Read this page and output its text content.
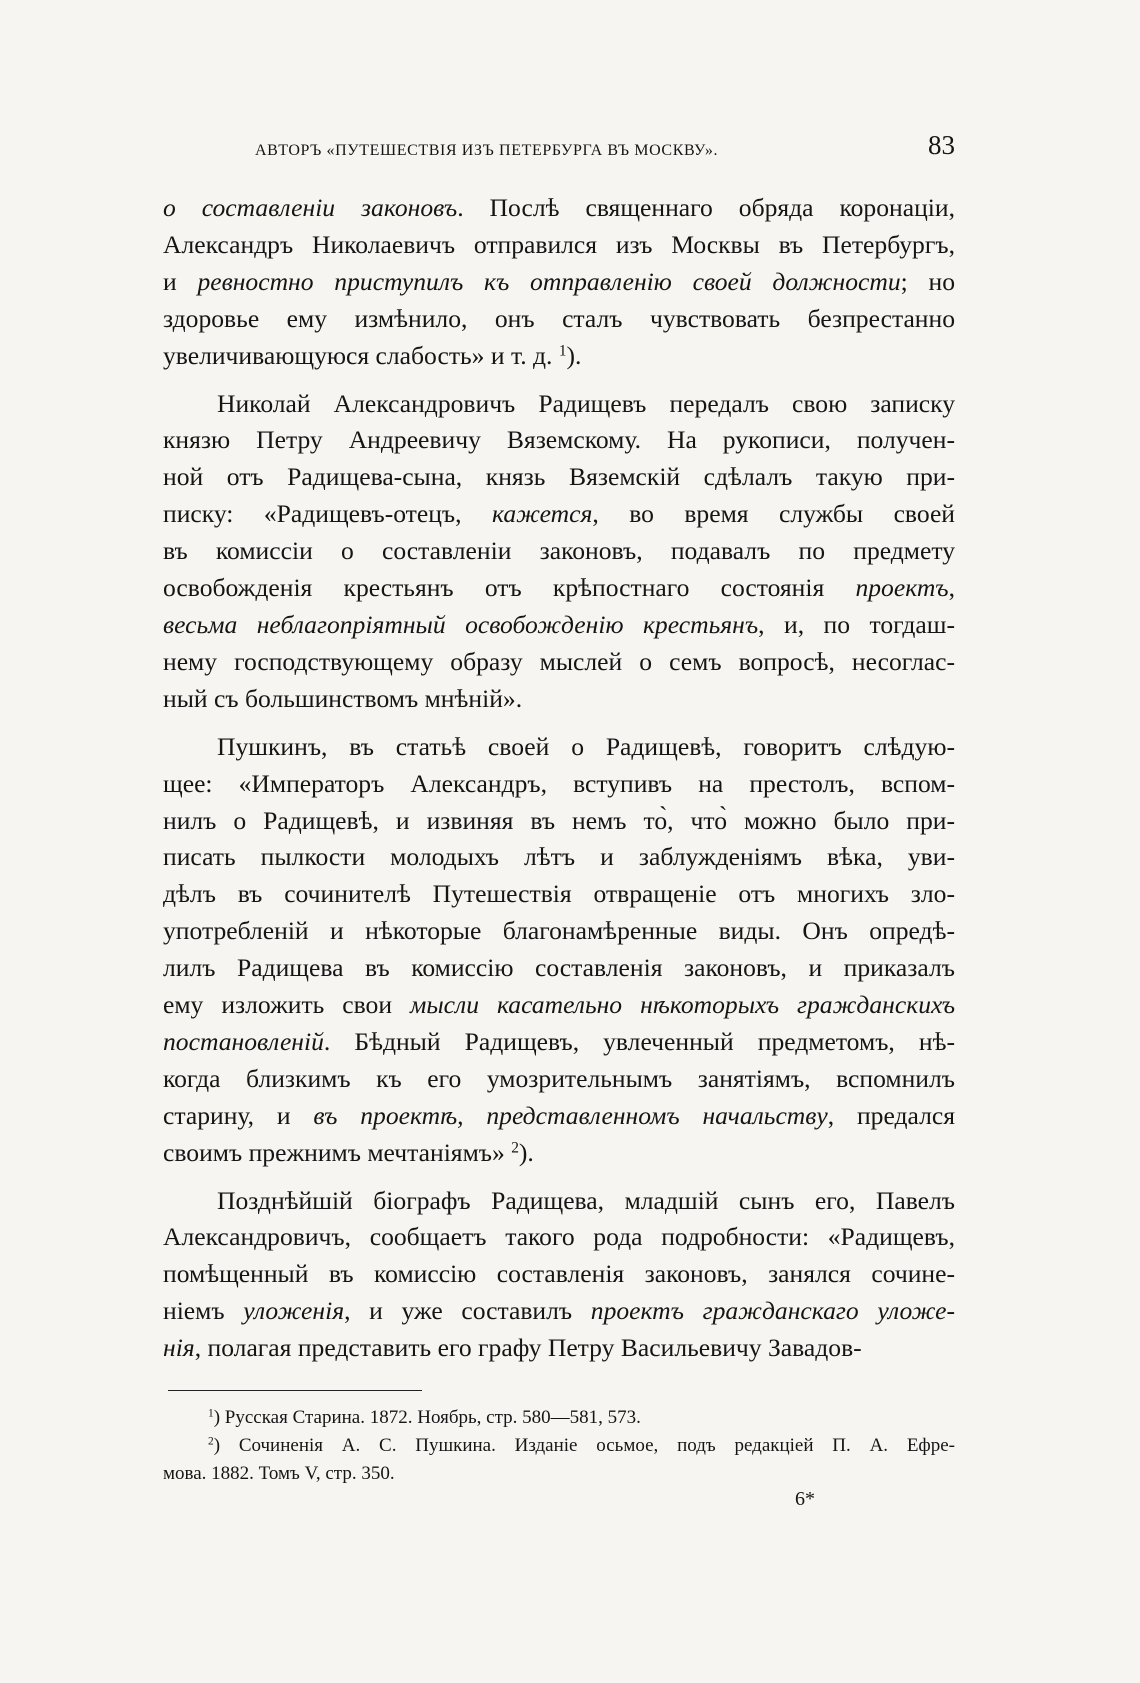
АВТОРЪ «ПУТЕШЕСТВІЯ ИЗЪ ПЕТЕРБУРГА ВЪ МОСКВУ».	83
о составленіи законовъ. Послѣ священнаго обряда коронаціи,
Александръ Николаевичъ отправился изъ Москвы въ Петербургъ,
и ревностно приступилъ къ отправленію своей должности; но
здоровье ему измѣнило, онъ сталъ чувствовать безпрестанно
увеличивающуюся слабость» и т. д. $^1$).
Николай Александровичъ Радищевъ передалъ свою записку
князю Петру Андреевичу Вяземскому. На рукописи, получен-
ной отъ Радищева-сына, князь Вяземскій сдѣлалъ такую при-
писку: «Радищевъ-отецъ, кажется, во время службы своей
въ комиссіи о составленіи законовъ, подавалъ по предмету
освобожденія крестьянъ отъ крѣпостнаго состоянія проектъ,
весьма неблагопріятный освобожденію крестьянъ, и, по тогдаш-
нему господствующему образу мыслей о семъ вопросѣ, несоглас-
ный съ большинствомъ мнѣній».
Пушкинъ, въ статьѣ своей о Радищевѣ, говоритъ слѣдую-
щее: «Императоръ Александръ, вступивъ на престолъ, вспом-
нилъ о Радищевѣ, и извиняя въ немъ то̀, что̀ можно было при-
писать пылкости молодыхъ лѣтъ и заблужденіямъ вѣка, уви-
дѣлъ въ сочинителѣ Путешествія отвращеніе отъ многихъ зло-
употребленій и нѣкоторые благонамѣренные виды. Онъ опредѣ-
лилъ Радищева въ комиссію составленія законовъ, и приказалъ
ему изложить свои мысли касательно нѣкоторыхъ гражданскихъ
постановленій. Бѣдный Радищевъ, увлеченный предметомъ, нѣ-
когда близкимъ къ его умозрительнымъ занятіямъ, вспомнилъ
старину, и въ проектѣ, представленномъ начальству, предался
своимъ прежнимъ мечтаніямъ» $^2$).
Позднѣйшій біографъ Радищева, младшій сынъ его, Павелъ
Александровичъ, сообщаетъ такого рода подробности: «Радищевъ,
помѣщенный въ комиссію составленія законовъ, занялся сочине-
ніемъ уложенія, и уже составилъ проектъ гражданскаго уложе-
нія, полагая представить его графу Петру Васильевичу Завадов-
$^1$) Русская Старина. 1872. Ноябрь, стр. 580—581, 573.
$^2$) Сочиненія А. С. Пушкина. Изданіе осьмое, подъ редакціей П. А. Ефре-
мова. 1882. Томъ V, стр. 350.
6*
